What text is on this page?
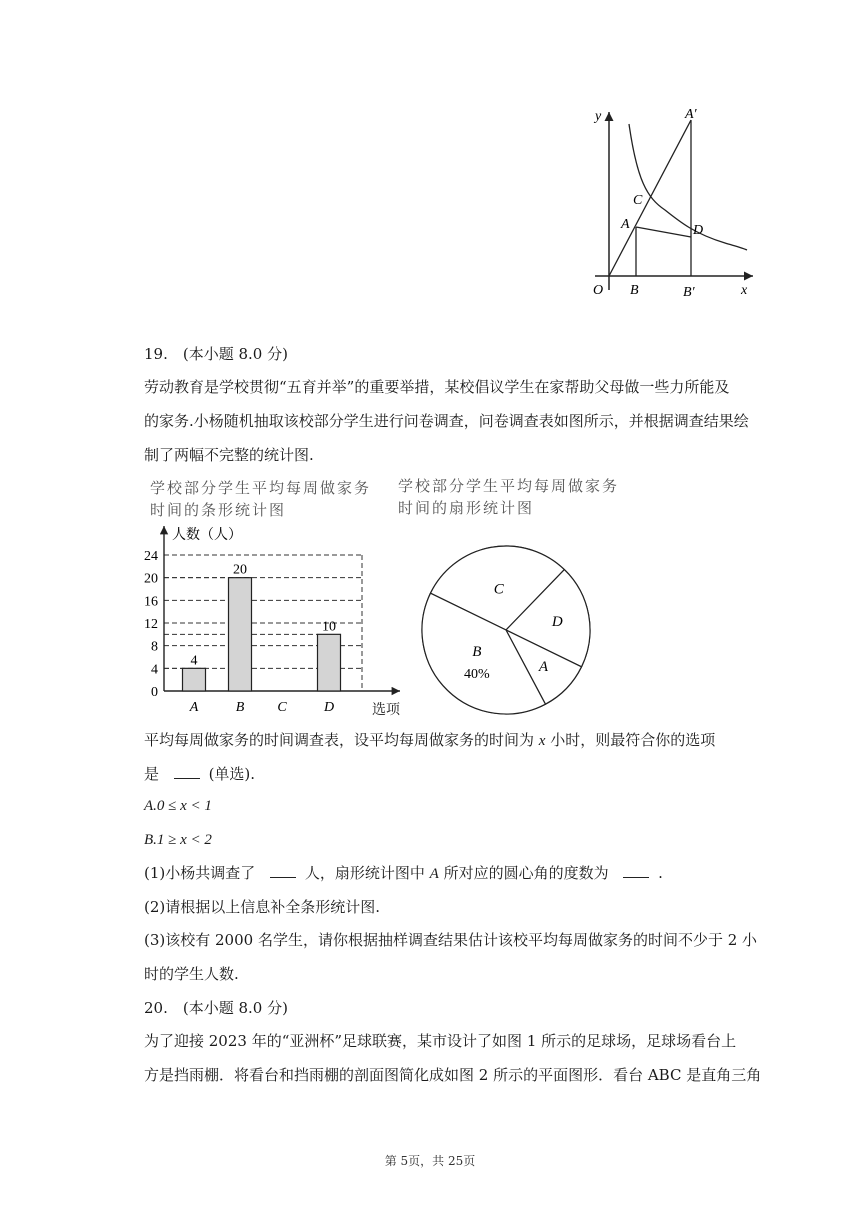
y
x
O B	B′
A
A′
C
D
19.　(本小题 8.0 分)
劳动教育是学校贯彻“五育并举”的重要举措，某校倡议学生在家帮助父母做一些力所能及
的家务.小杨随机抽取该校部分学生进行问卷调查，问卷调查表如图所示，并根据调查结果绘
制了两幅不完整的统计图.
学校部分学生平均每周做家务
时间的条形统计图
学校部分学生平均每周做家务
时间的扇形统计图
人数（人）
0
4
8
12
16
20
24
4
A
20
B C
10
D	选项
C
D
A
B
40%
平均每周做家务的时间调查表，设平均每周做家务的时间为 x 小时，则最符合你的选项
是	(单选).
A.0 ≤ x < 1
B.1 ≥ x < 2
(1)小杨共调查了	人，扇形统计图中 A 所对应的圆心角的度数为	.
(2)请根据以上信息补全条形统计图.
(3)该校有 2000 名学生，请你根据抽样调查结果估计该校平均每周做家务的时间不少于 2 小
时的学生人数.
20.　(本小题 8.0 分)
为了迎接 2023 年的“亚洲杯”足球联赛，某市设计了如图 1 所示的足球场，足球场看台上
方是挡雨棚．将看台和挡雨棚的剖面图简化成如图 2 所示的平面图形．看台 ABC 是直角三角
第 5页，共 25页
